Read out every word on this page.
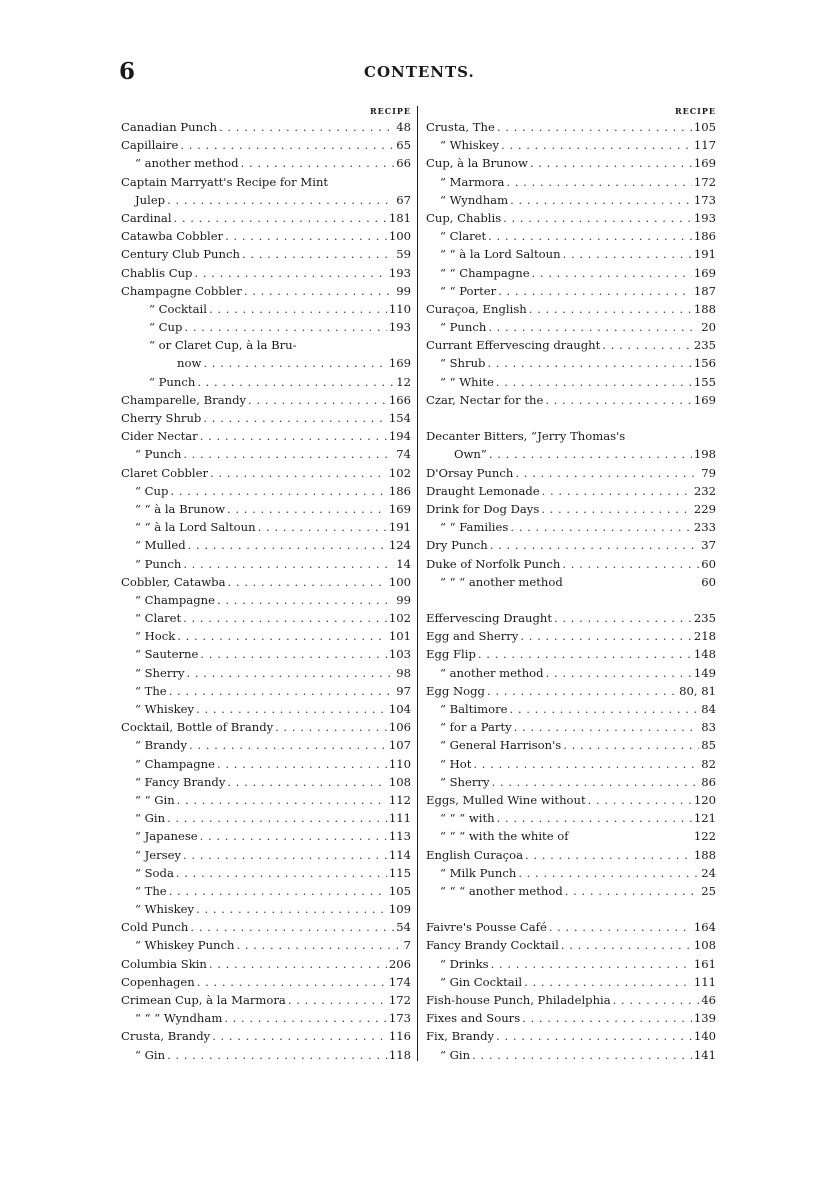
6	CONTENTS.
RECIPE
Canadian Punch . . .	48
Capillaire . . .	65
“ another method . . .	66
Captain Marryatt's Recipe for Mint
Julep . . .	67
Cardinal . . .	181
Catawba Cobbler . . .	100
Century Club Punch . . .	59
Chablis Cup . . .	193
Champagne Cobbler . . .	99
“ Cocktail . . .	110
“ Cup . . .	193
“ or Claret Cup, à la Bru-
now . . .	169
“ Punch . . .	12
Champarelle, Brandy . . .	166
Cherry Shrub . . .	154
Cider Nectar . . .	194
“ Punch . . .	74
Claret Cobbler . . .	102
“ Cup . . .	186
“ “ à la Brunow . . .	169
“ “ à la Lord Saltoun . . .	191
“ Mulled . . .	124
“ Punch . . .	14
Cobbler, Catawba . . .	100
“ Champagne . . .	99
“ Claret . . .	102
“ Hock . . .	101
“ Sauterne . . .	103
“ Sherry . . .	98
“ The . . .	97
“ Whiskey . . .	104
Cocktail, Bottle of Brandy . . .	106
“ Brandy . . .	107
“ Champagne . . .	110
“ Fancy Brandy . . .	108
“ “ Gin . . .	112
“ Gin . . .	111
“ Japanese . . .	113
“ Jersey . . .	114
“ Soda . . .	115
“ The . . .	105
“ Whiskey . . .	109
Cold Punch . . .	54
“ Whiskey Punch . . .	7
Columbia Skin . . .	206
Copenhagen . . .	174
Crimean Cup, à la Marmora . . .	172
“ “ “ Wyndham . . .	173
Crusta, Brandy . . .	116
“ Gin . . .	118
RECIPE
Crusta, The . . .	105
“ Whiskey . . .	117
Cup, à la Brunow . . .	169
“ Marmora . . .	172
“ Wyndham . . .	173
Cup, Chablis . . .	193
“ Claret . . .	186
“ “ à la Lord Saltoun . . .	191
“ “ Champagne . . .	169
“ “ Porter . . .	187
Curaçoa, English . . .	188
“ Punch . . .	20
Currant Effervescing draught . . .	235
“ Shrub . . .	156
“ “ White . . .	155
Czar, Nectar for the . . .	169
Decanter Bitters, “Jerry Thomas's
Own” . . .	198
D'Orsay Punch . . .	79
Draught Lemonade . . .	232
Drink for Dog Days . . .	229
“ “ Families . . .	233
Dry Punch . . .	37
Duke of Norfolk Punch . . .	60
“ “ “ another method	60
Effervescing Draught . . .	235
Egg and Sherry . . .	218
Egg Flip . . .	148
“ another method . . .	149
Egg Nogg . . .	80, 81
“ Baltimore . . .	84
“ for a Party . . .	83
“ General Harrison's . . .	85
“ Hot . . .	82
“ Sherry . . .	86
Eggs, Mulled Wine without . . .	120
“ “ “ with . . .	121
“ “ “ with the white of	122
English Curaçoa . . .	188
“ Milk Punch . . .	24
“ “ “ another method . . .	25
Faivre's Pousse Café . . .	164
Fancy Brandy Cocktail . . .	108
“ Drinks . . .	161
“ Gin Cocktail . . .	111
Fish-house Punch, Philadelphia . . .	46
Fixes and Sours . . .	139
Fix, Brandy . . .	140
“ Gin . . .	141
